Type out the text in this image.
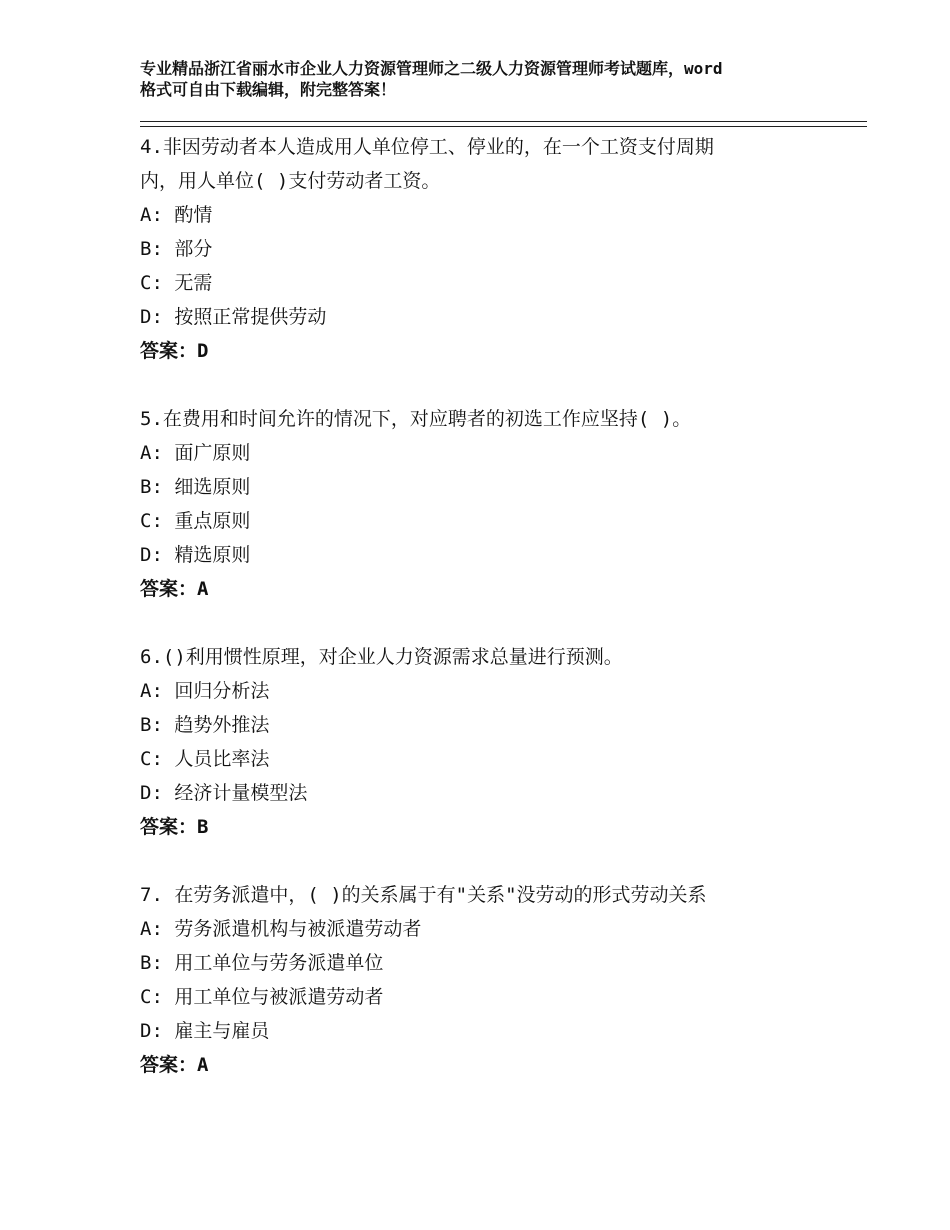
专业精品浙江省丽水市企业人力资源管理师之二级人力资源管理师考试题库，word
格式可自由下载编辑，附完整答案！

4.非因劳动者本人造成用人单位停工、停业的，在一个工资支付周期

内，用人单位( )支付劳动者工资。

A: 酌情

B: 部分

C: 无需

D: 按照正常提供劳动

答案：D

5.在费用和时间允许的情况下，对应聘者的初选工作应坚持( )。

A: 面广原则

B: 细选原则

C: 重点原则

D: 精选原则

答案：A

6.()利用惯性原理，对企业人力资源需求总量进行预测。

A: 回归分析法

B: 趋势外推法

C: 人员比率法

D: 经济计量模型法

答案：B

7. 在劳务派遣中，( )的关系属于有"关系"没劳动的形式劳动关系

A: 劳务派遣机构与被派遣劳动者

B: 用工单位与劳务派遣单位

C: 用工单位与被派遣劳动者

D: 雇主与雇员

答案：A
